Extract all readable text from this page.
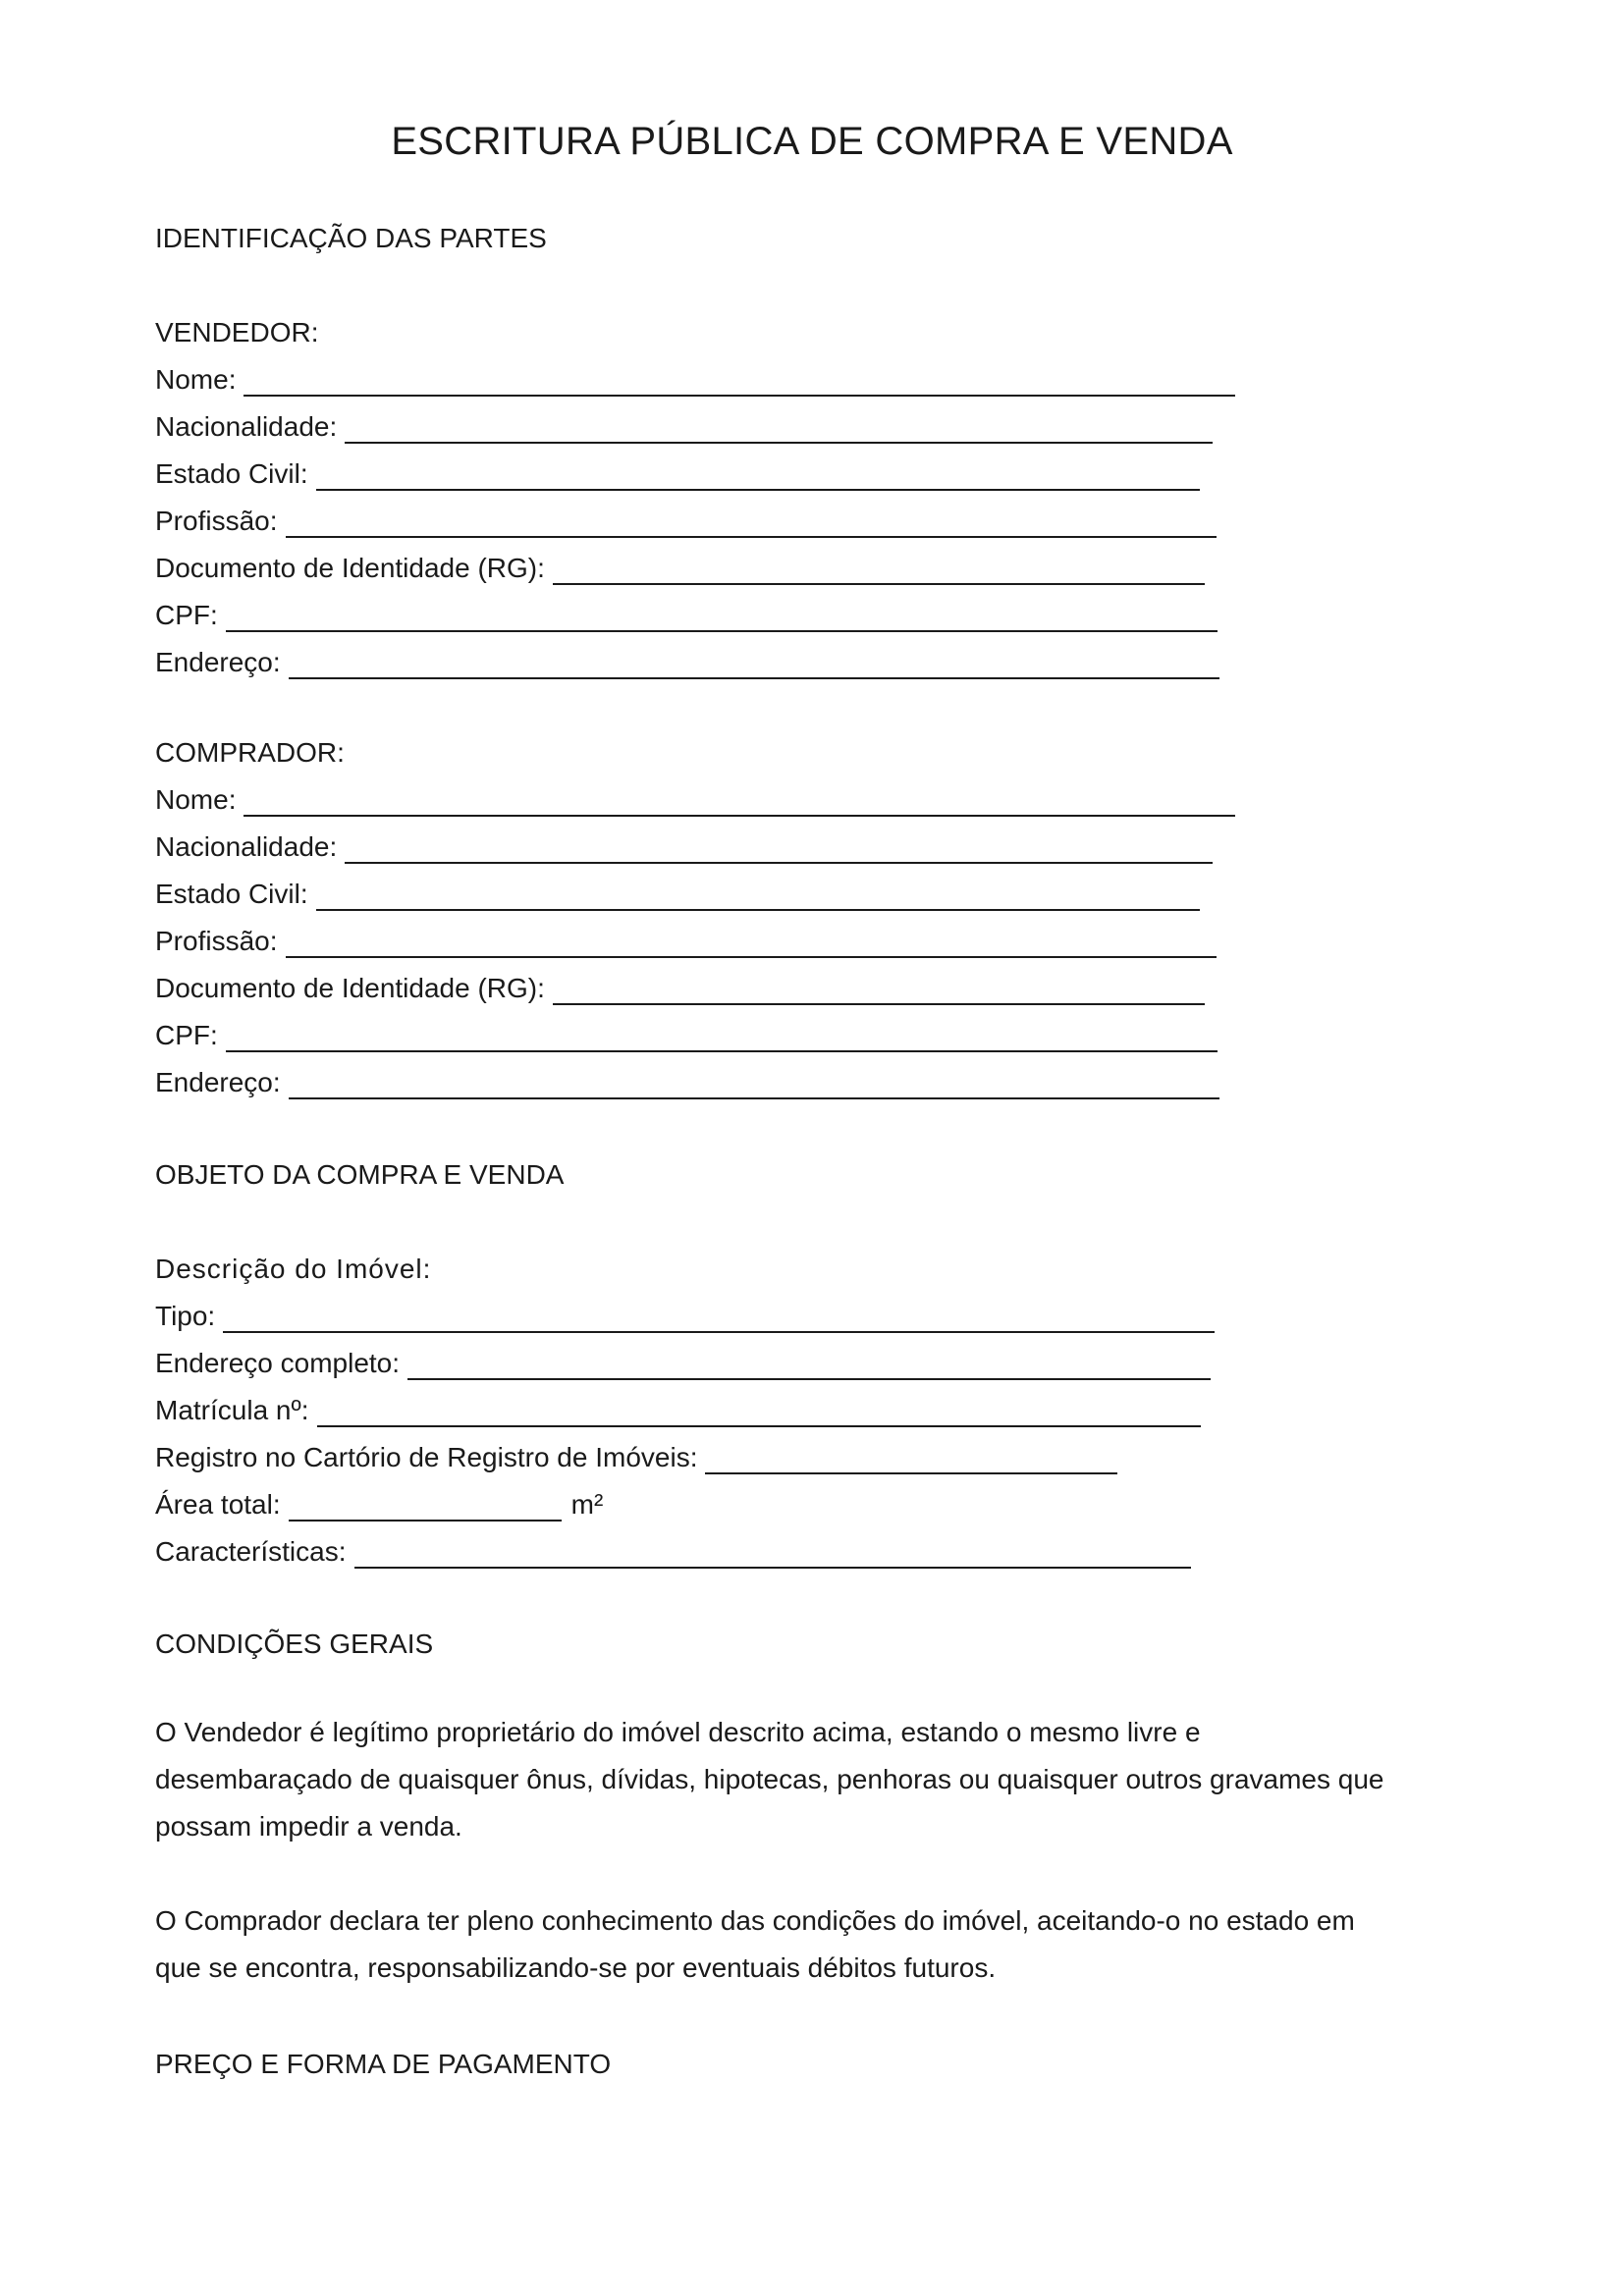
ESCRITURA PÚBLICA DE COMPRA E VENDA
IDENTIFICAÇÃO DAS PARTES
VENDEDOR:
Nome:
Nacionalidade:
Estado Civil:
Profissão:
Documento de Identidade (RG):
CPF:
Endereço:
COMPRADOR:
Nome:
Nacionalidade:
Estado Civil:
Profissão:
Documento de Identidade (RG):
CPF:
Endereço:
OBJETO DA COMPRA E VENDA
Descrição do Imóvel:
Tipo:
Endereço completo:
Matrícula nº:
Registro no Cartório de Registro de Imóveis:
Área total:	m²
Características:
CONDIÇÕES GERAIS
O Vendedor é legítimo proprietário do imóvel descrito acima, estando o mesmo livre e
desembaraçado de quaisquer ônus, dívidas, hipotecas, penhoras ou quaisquer outros gravames que
possam impedir a venda.
O Comprador declara ter pleno conhecimento das condições do imóvel, aceitando-o no estado em
que se encontra, responsabilizando-se por eventuais débitos futuros.
PREÇO E FORMA DE PAGAMENTO
